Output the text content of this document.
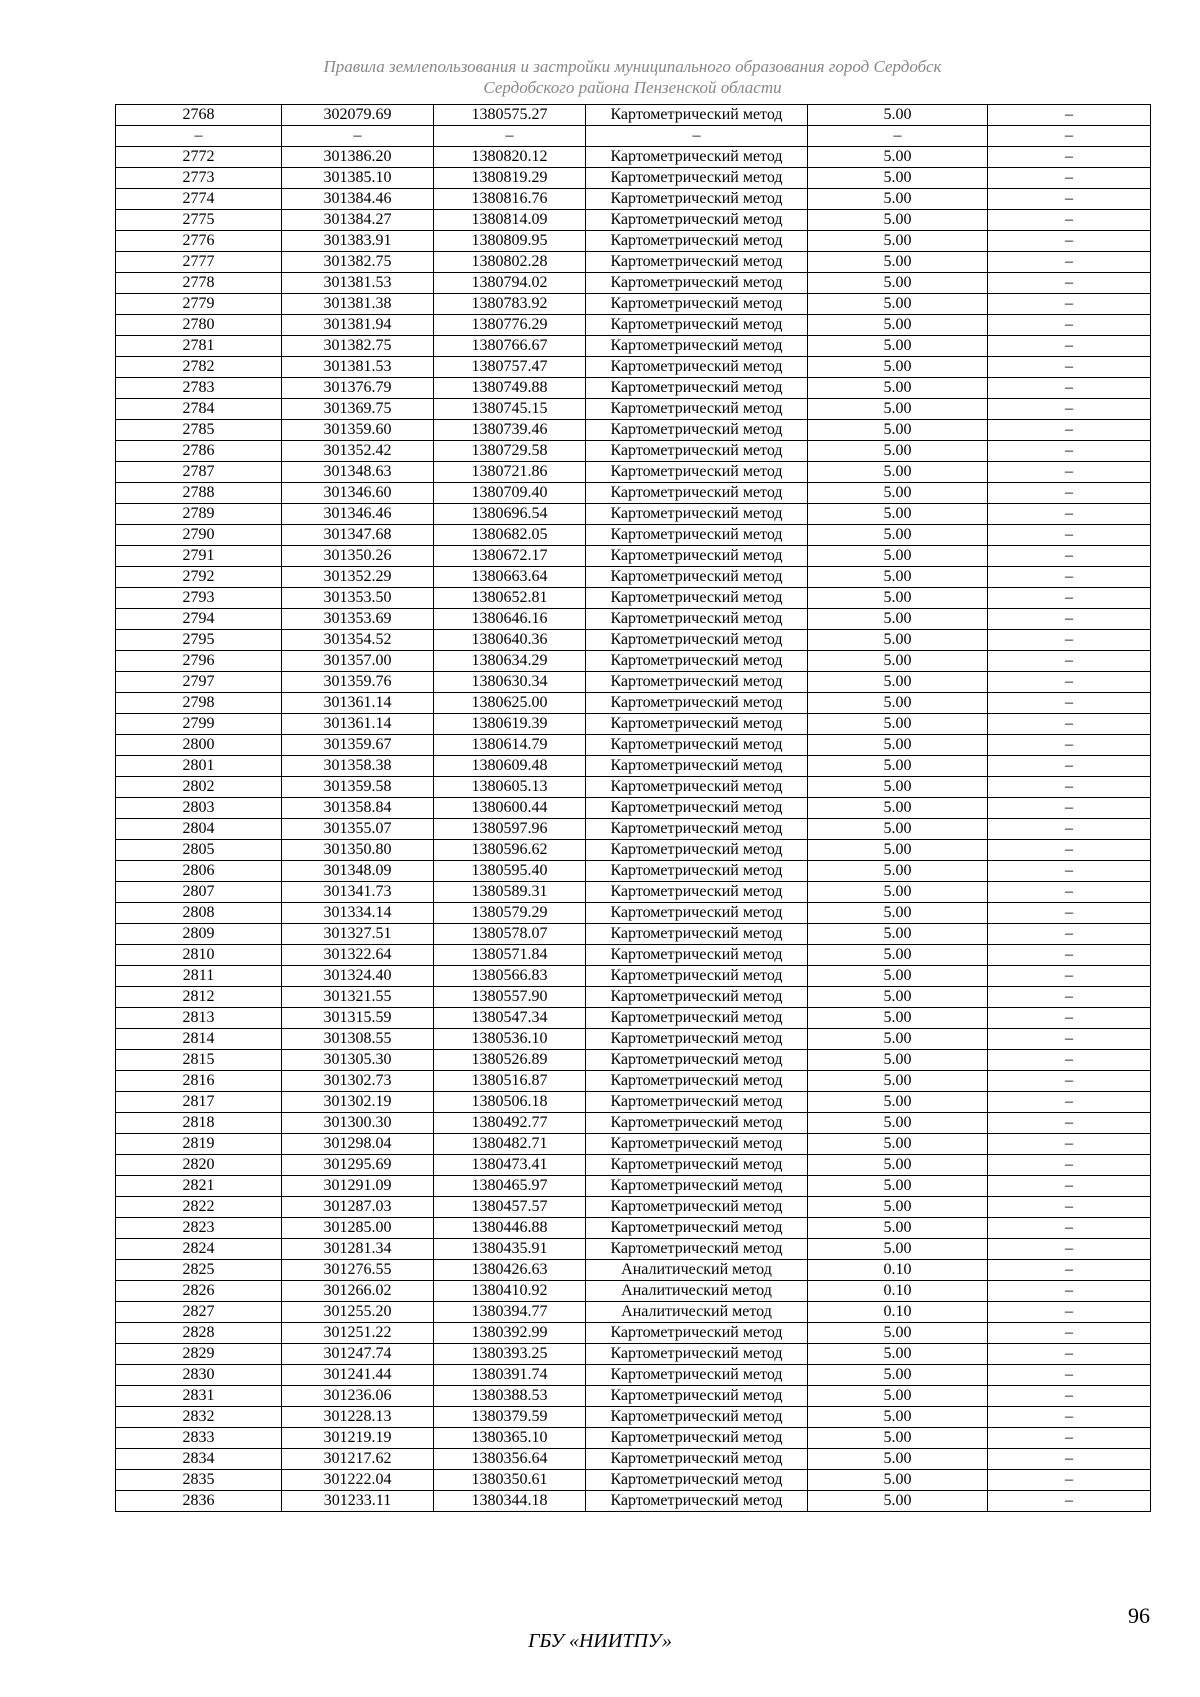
Правила землепользования и застройки муниципального образования город Сердобск
Сердобского района Пензенской области
2768	302079.69	1380575.27	Картометрический метод	5.00	–
–	–	–	–	–	–
2772	301386.20	1380820.12	Картометрический метод	5.00	–
2773	301385.10	1380819.29	Картометрический метод	5.00	–
2774	301384.46	1380816.76	Картометрический метод	5.00	–
2775	301384.27	1380814.09	Картометрический метод	5.00	–
2776	301383.91	1380809.95	Картометрический метод	5.00	–
2777	301382.75	1380802.28	Картометрический метод	5.00	–
2778	301381.53	1380794.02	Картометрический метод	5.00	–
2779	301381.38	1380783.92	Картометрический метод	5.00	–
2780	301381.94	1380776.29	Картометрический метод	5.00	–
2781	301382.75	1380766.67	Картометрический метод	5.00	–
2782	301381.53	1380757.47	Картометрический метод	5.00	–
2783	301376.79	1380749.88	Картометрический метод	5.00	–
2784	301369.75	1380745.15	Картометрический метод	5.00	–
2785	301359.60	1380739.46	Картометрический метод	5.00	–
2786	301352.42	1380729.58	Картометрический метод	5.00	–
2787	301348.63	1380721.86	Картометрический метод	5.00	–
2788	301346.60	1380709.40	Картометрический метод	5.00	–
2789	301346.46	1380696.54	Картометрический метод	5.00	–
2790	301347.68	1380682.05	Картометрический метод	5.00	–
2791	301350.26	1380672.17	Картометрический метод	5.00	–
2792	301352.29	1380663.64	Картометрический метод	5.00	–
2793	301353.50	1380652.81	Картометрический метод	5.00	–
2794	301353.69	1380646.16	Картометрический метод	5.00	–
2795	301354.52	1380640.36	Картометрический метод	5.00	–
2796	301357.00	1380634.29	Картометрический метод	5.00	–
2797	301359.76	1380630.34	Картометрический метод	5.00	–
2798	301361.14	1380625.00	Картометрический метод	5.00	–
2799	301361.14	1380619.39	Картометрический метод	5.00	–
2800	301359.67	1380614.79	Картометрический метод	5.00	–
2801	301358.38	1380609.48	Картометрический метод	5.00	–
2802	301359.58	1380605.13	Картометрический метод	5.00	–
2803	301358.84	1380600.44	Картометрический метод	5.00	–
2804	301355.07	1380597.96	Картометрический метод	5.00	–
2805	301350.80	1380596.62	Картометрический метод	5.00	–
2806	301348.09	1380595.40	Картометрический метод	5.00	–
2807	301341.73	1380589.31	Картометрический метод	5.00	–
2808	301334.14	1380579.29	Картометрический метод	5.00	–
2809	301327.51	1380578.07	Картометрический метод	5.00	–
2810	301322.64	1380571.84	Картометрический метод	5.00	–
2811	301324.40	1380566.83	Картометрический метод	5.00	–
2812	301321.55	1380557.90	Картометрический метод	5.00	–
2813	301315.59	1380547.34	Картометрический метод	5.00	–
2814	301308.55	1380536.10	Картометрический метод	5.00	–
2815	301305.30	1380526.89	Картометрический метод	5.00	–
2816	301302.73	1380516.87	Картометрический метод	5.00	–
2817	301302.19	1380506.18	Картометрический метод	5.00	–
2818	301300.30	1380492.77	Картометрический метод	5.00	–
2819	301298.04	1380482.71	Картометрический метод	5.00	–
2820	301295.69	1380473.41	Картометрический метод	5.00	–
2821	301291.09	1380465.97	Картометрический метод	5.00	–
2822	301287.03	1380457.57	Картометрический метод	5.00	–
2823	301285.00	1380446.88	Картометрический метод	5.00	–
2824	301281.34	1380435.91	Картометрический метод	5.00	–
2825	301276.55	1380426.63	Аналитический метод	0.10	–
2826	301266.02	1380410.92	Аналитический метод	0.10	–
2827	301255.20	1380394.77	Аналитический метод	0.10	–
2828	301251.22	1380392.99	Картометрический метод	5.00	–
2829	301247.74	1380393.25	Картометрический метод	5.00	–
2830	301241.44	1380391.74	Картометрический метод	5.00	–
2831	301236.06	1380388.53	Картометрический метод	5.00	–
2832	301228.13	1380379.59	Картометрический метод	5.00	–
2833	301219.19	1380365.10	Картометрический метод	5.00	–
2834	301217.62	1380356.64	Картометрический метод	5.00	–
2835	301222.04	1380350.61	Картометрический метод	5.00	–
2836	301233.11	1380344.18	Картометрический метод	5.00	–
96
ГБУ «НИИТПУ»
